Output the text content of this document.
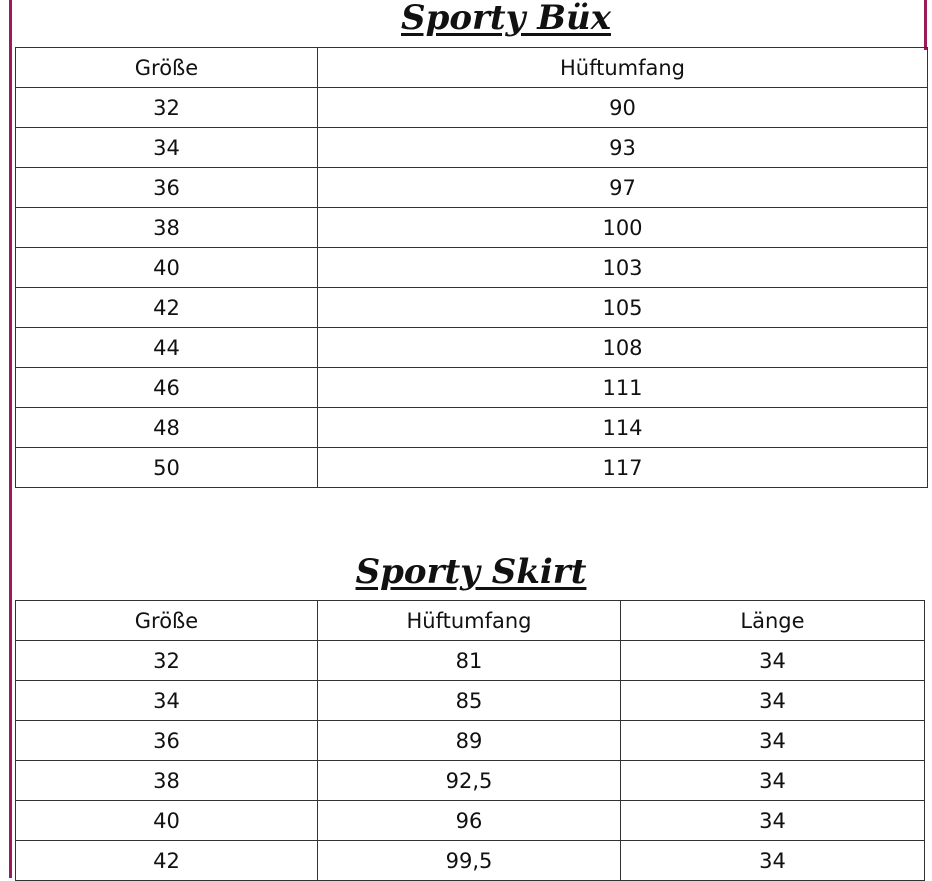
Sporty Büx
Größe	Hüftumfang
32	90
34	93
36	97
38	100
40	103
42	105
44	108
46	111
48	114
50	117
Sporty Skirt
Größe	Hüftumfang	Länge
32	81	34
34	85	34
36	89	34
38	92,5	34
40	96	34
42	99,5	34
